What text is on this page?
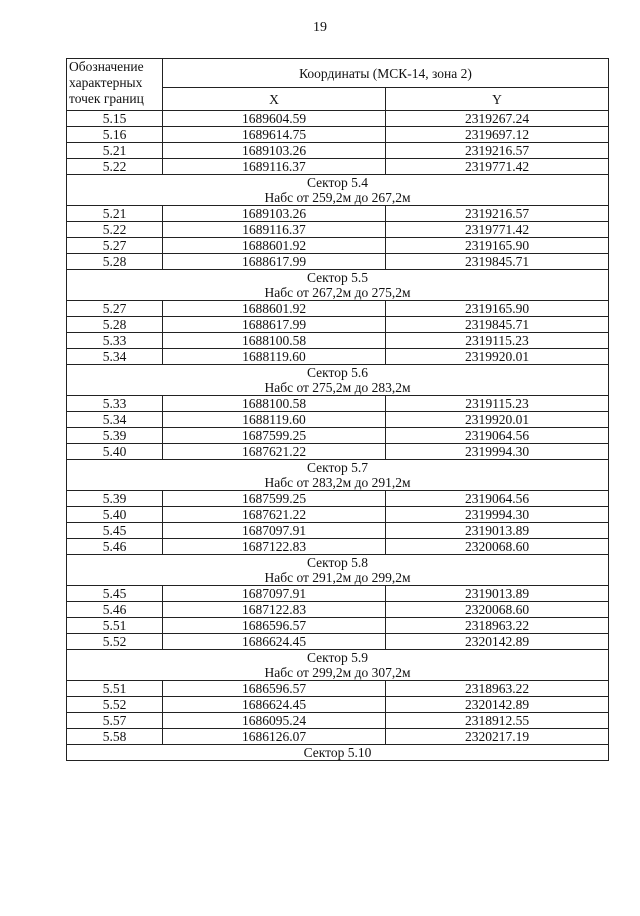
19
Обозначение характерных точек границ	Координаты (МСК-14, зона 2)	
	X	Y
5.15	1689604.59	2319267.24
5.16	1689614.75	2319697.12
5.21	1689103.26	2319216.57
5.22	1689116.37	2319771.42

Сектор 5.4
Набс от 259,2м до 267,2м		

5.21	1689103.26	2319216.57
5.22	1689116.37	2319771.42
5.27	1688601.92	2319165.90
5.28	1688617.99	2319845.71

Сектор 5.5
Набс от 267,2м до 275,2м		

5.27	1688601.92	2319165.90
5.28	1688617.99	2319845.71
5.33	1688100.58	2319115.23
5.34	1688119.60	2319920.01

Сектор 5.6
Набс от 275,2м до 283,2м		

5.33	1688100.58	2319115.23
5.34	1688119.60	2319920.01
5.39	1687599.25	2319064.56
5.40	1687621.22	2319994.30

Сектор 5.7
Набс от 283,2м до 291,2м		

5.39	1687599.25	2319064.56
5.40	1687621.22	2319994.30
5.45	1687097.91	2319013.89
5.46	1687122.83	2320068.60

Сектор 5.8
Набс от 291,2м до 299,2м		

5.45	1687097.91	2319013.89
5.46	1687122.83	2320068.60
5.51	1686596.57	2318963.22
5.52	1686624.45	2320142.89

Сектор 5.9
Набс от 299,2м до 307,2м		

5.51	1686596.57	2318963.22
5.52	1686624.45	2320142.89
5.57	1686095.24	2318912.55
5.58	1686126.07	2320217.19

Сектор 5.10		
